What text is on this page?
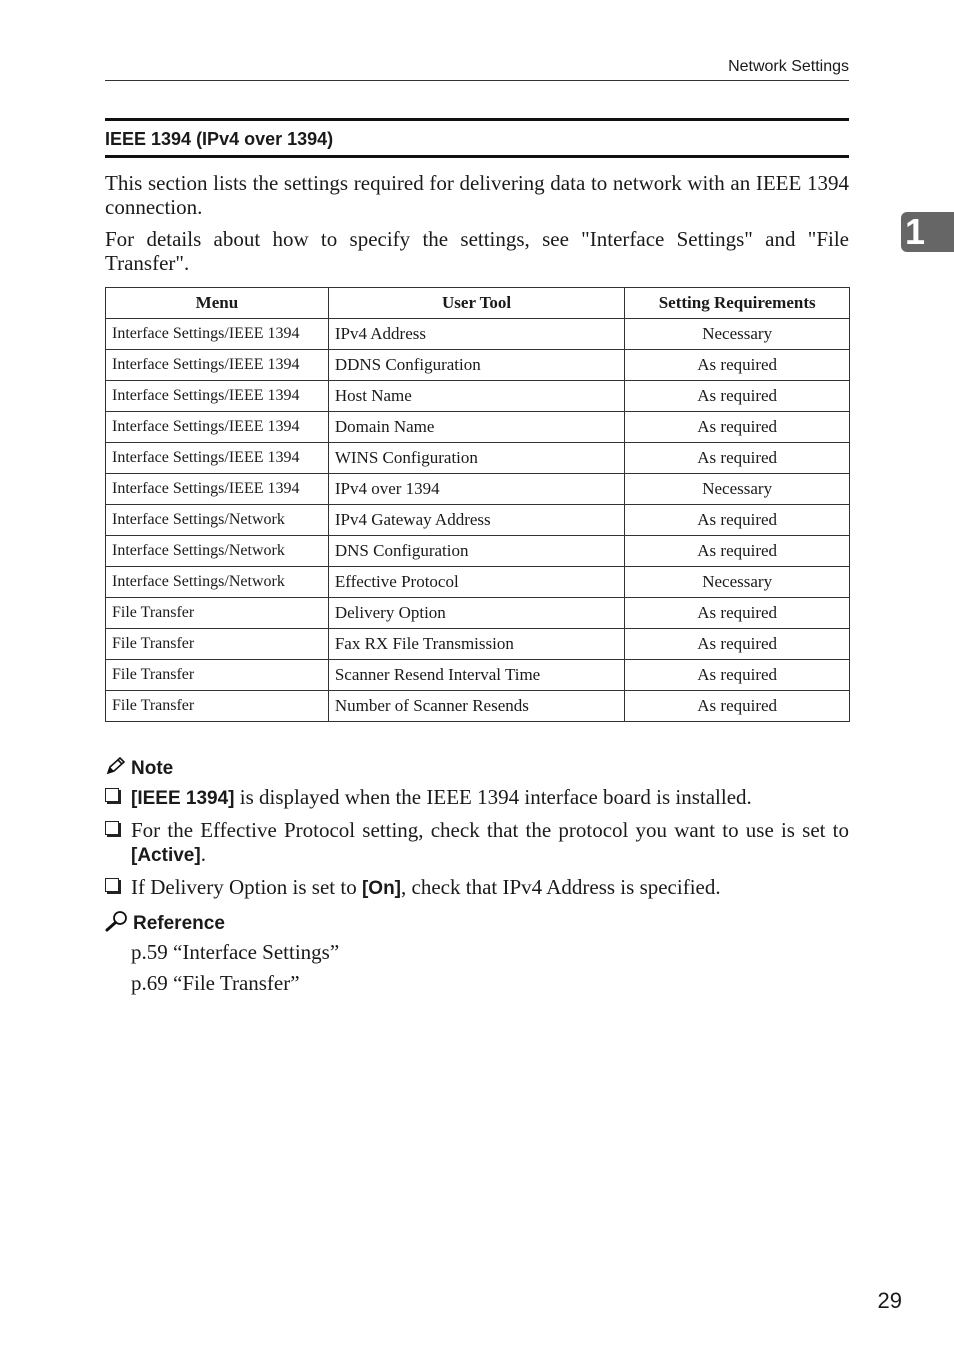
Network Settings
IEEE 1394 (IPv4 over 1394)
1

This section lists the settings required for delivering data to network with an IEEE 1394 connection.

For details about how to specify the settings, see "Interface Settings" and "File Transfer".

Menu	User Tool	Setting Requirements
Interface Settings/IEEE 1394	IPv4 Address	Necessary
Interface Settings/IEEE 1394	DDNS Configuration	As required
Interface Settings/IEEE 1394	Host Name	As required
Interface Settings/IEEE 1394	Domain Name	As required
Interface Settings/IEEE 1394	WINS Configuration	As required
Interface Settings/IEEE 1394	IPv4 over 1394	Necessary
Interface Settings/Network	IPv4 Gateway Address	As required
Interface Settings/Network	DNS Configuration	As required
Interface Settings/Network	Effective Protocol	Necessary
File Transfer	Delivery Option	As required
File Transfer	Fax RX File Transmission	As required
File Transfer	Scanner Resend Interval Time	As required
File Transfer	Number of Scanner Resends	As required
Note
[IEEE 1394] is displayed when the IEEE 1394 interface board is installed.
For the Effective Protocol setting, check that the protocol you want to use is set to [Active].
If Delivery Option is set to [On], check that IPv4 Address is specified.
Reference
p.59 “Interface Settings”
p.69 “File Transfer”
29
